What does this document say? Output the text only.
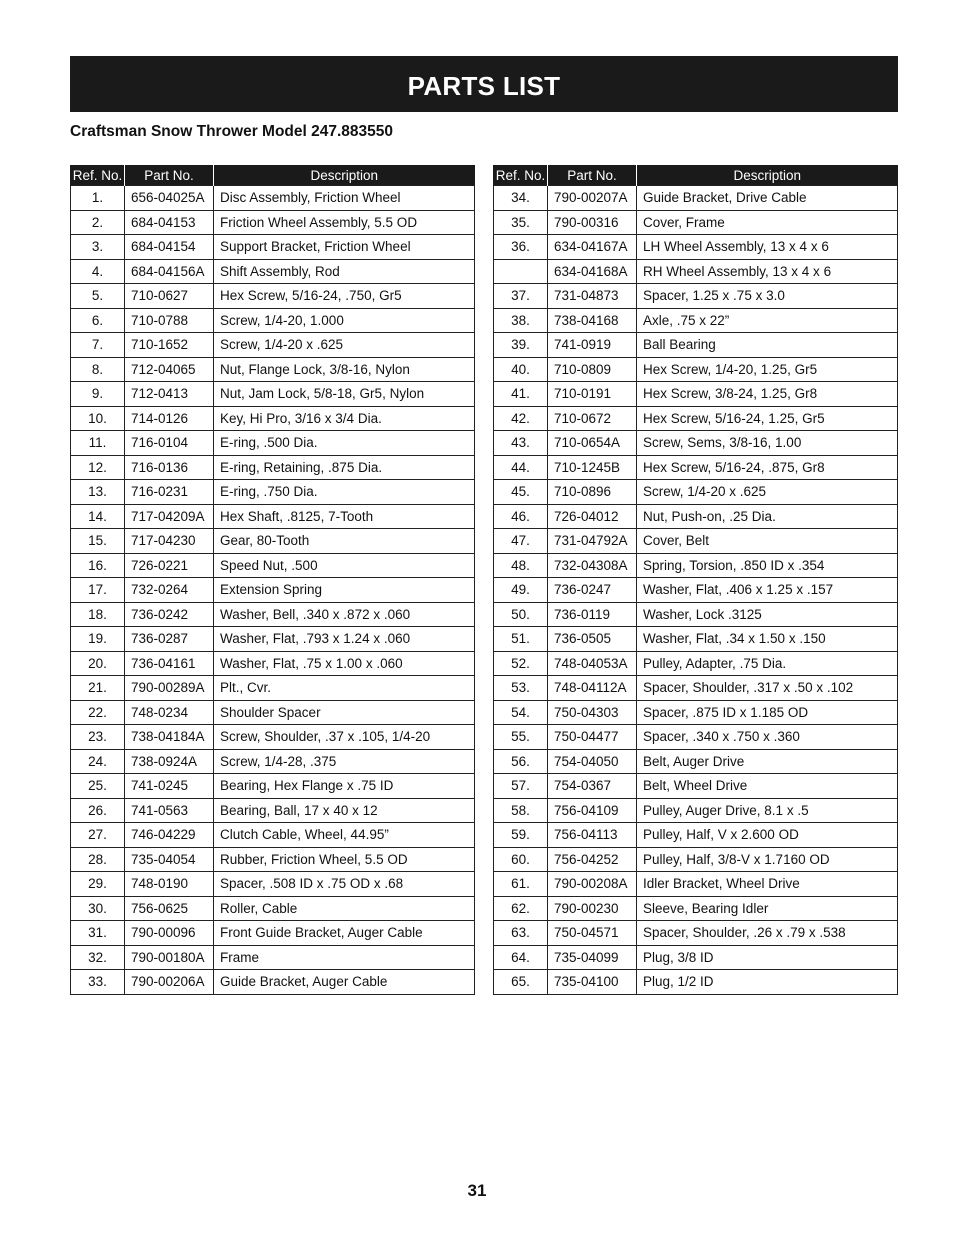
PARTS LIST
Craftsman Snow Thrower Model 247.883550
Ref. No.	Part No.	Description
1.	656-04025A	Disc Assembly, Friction Wheel
2.	684-04153	Friction Wheel Assembly, 5.5 OD
3.	684-04154	Support Bracket, Friction Wheel
4.	684-04156A	Shift Assembly, Rod
5.	710-0627	Hex Screw, 5/16-24, .750, Gr5
6.	710-0788	Screw, 1/4-20, 1.000
7.	710-1652	Screw, 1/4-20 x .625
8.	712-04065	Nut, Flange Lock, 3/8-16, Nylon
9.	712-0413	Nut, Jam Lock, 5/8-18, Gr5, Nylon
10.	714-0126	Key, Hi Pro, 3/16 x 3/4 Dia.
11.	716-0104	E-ring, .500 Dia.
12.	716-0136	E-ring, Retaining, .875 Dia.
13.	716-0231	E-ring, .750 Dia.
14.	717-04209A	Hex Shaft, .8125, 7-Tooth
15.	717-04230	Gear, 80-Tooth
16.	726-0221	Speed Nut, .500
17.	732-0264	Extension Spring
18.	736-0242	Washer, Bell, .340 x .872 x .060
19.	736-0287	Washer, Flat, .793 x 1.24 x .060
20.	736-04161	Washer, Flat, .75 x 1.00 x .060
21.	790-00289A	Plt., Cvr.
22.	748-0234	Shoulder Spacer
23.	738-04184A	Screw, Shoulder, .37 x .105, 1/4-20
24.	738-0924A	Screw, 1/4-28, .375
25.	741-0245	Bearing, Hex Flange x .75 ID
26.	741-0563	Bearing, Ball, 17 x 40 x 12
27.	746-04229	Clutch Cable, Wheel, 44.95”
28.	735-04054	Rubber, Friction Wheel, 5.5 OD
29.	748-0190	Spacer, .508 ID x .75 OD x .68
30.	756-0625	Roller, Cable
31.	790-00096	Front Guide Bracket, Auger Cable
32.	790-00180A	Frame
33.	790-00206A	Guide Bracket, Auger Cable
Ref. No.	Part No.	Description
34.	790-00207A	Guide Bracket, Drive Cable
35.	790-00316	Cover, Frame
36.	634-04167A	LH Wheel Assembly, 13 x 4 x 6
	634-04168A	RH Wheel Assembly, 13 x 4 x 6
37.	731-04873	Spacer, 1.25 x .75 x 3.0
38.	738-04168	Axle, .75 x 22”
39.	741-0919	Ball Bearing
40.	710-0809	Hex Screw, 1/4-20, 1.25, Gr5
41.	710-0191	Hex Screw, 3/8-24, 1.25, Gr8
42.	710-0672	Hex Screw, 5/16-24, 1.25, Gr5
43.	710-0654A	Screw, Sems, 3/8-16, 1.00
44.	710-1245B	Hex Screw, 5/16-24, .875, Gr8
45.	710-0896	Screw, 1/4-20 x .625
46.	726-04012	Nut, Push-on, .25 Dia.
47.	731-04792A	Cover, Belt
48.	732-04308A	Spring, Torsion, .850 ID x .354
49.	736-0247	Washer, Flat, .406 x 1.25 x .157
50.	736-0119	Washer, Lock .3125
51.	736-0505	Washer, Flat, .34 x 1.50 x .150
52.	748-04053A	Pulley, Adapter, .75 Dia.
53.	748-04112A	Spacer, Shoulder, .317 x .50 x .102
54.	750-04303	Spacer, .875 ID x 1.185 OD
55.	750-04477	Spacer, .340 x .750 x .360
56.	754-04050	Belt, Auger Drive
57.	754-0367	Belt, Wheel Drive
58.	756-04109	Pulley, Auger Drive, 8.1 x .5
59.	756-04113	Pulley, Half, V x 2.600 OD
60.	756-04252	Pulley, Half, 3/8-V x 1.7160 OD
61.	790-00208A	Idler Bracket, Wheel Drive
62.	790-00230	Sleeve, Bearing Idler
63.	750-04571	Spacer, Shoulder, .26 x .79 x .538
64.	735-04099	Plug, 3/8 ID
65.	735-04100	Plug, 1/2 ID
31
